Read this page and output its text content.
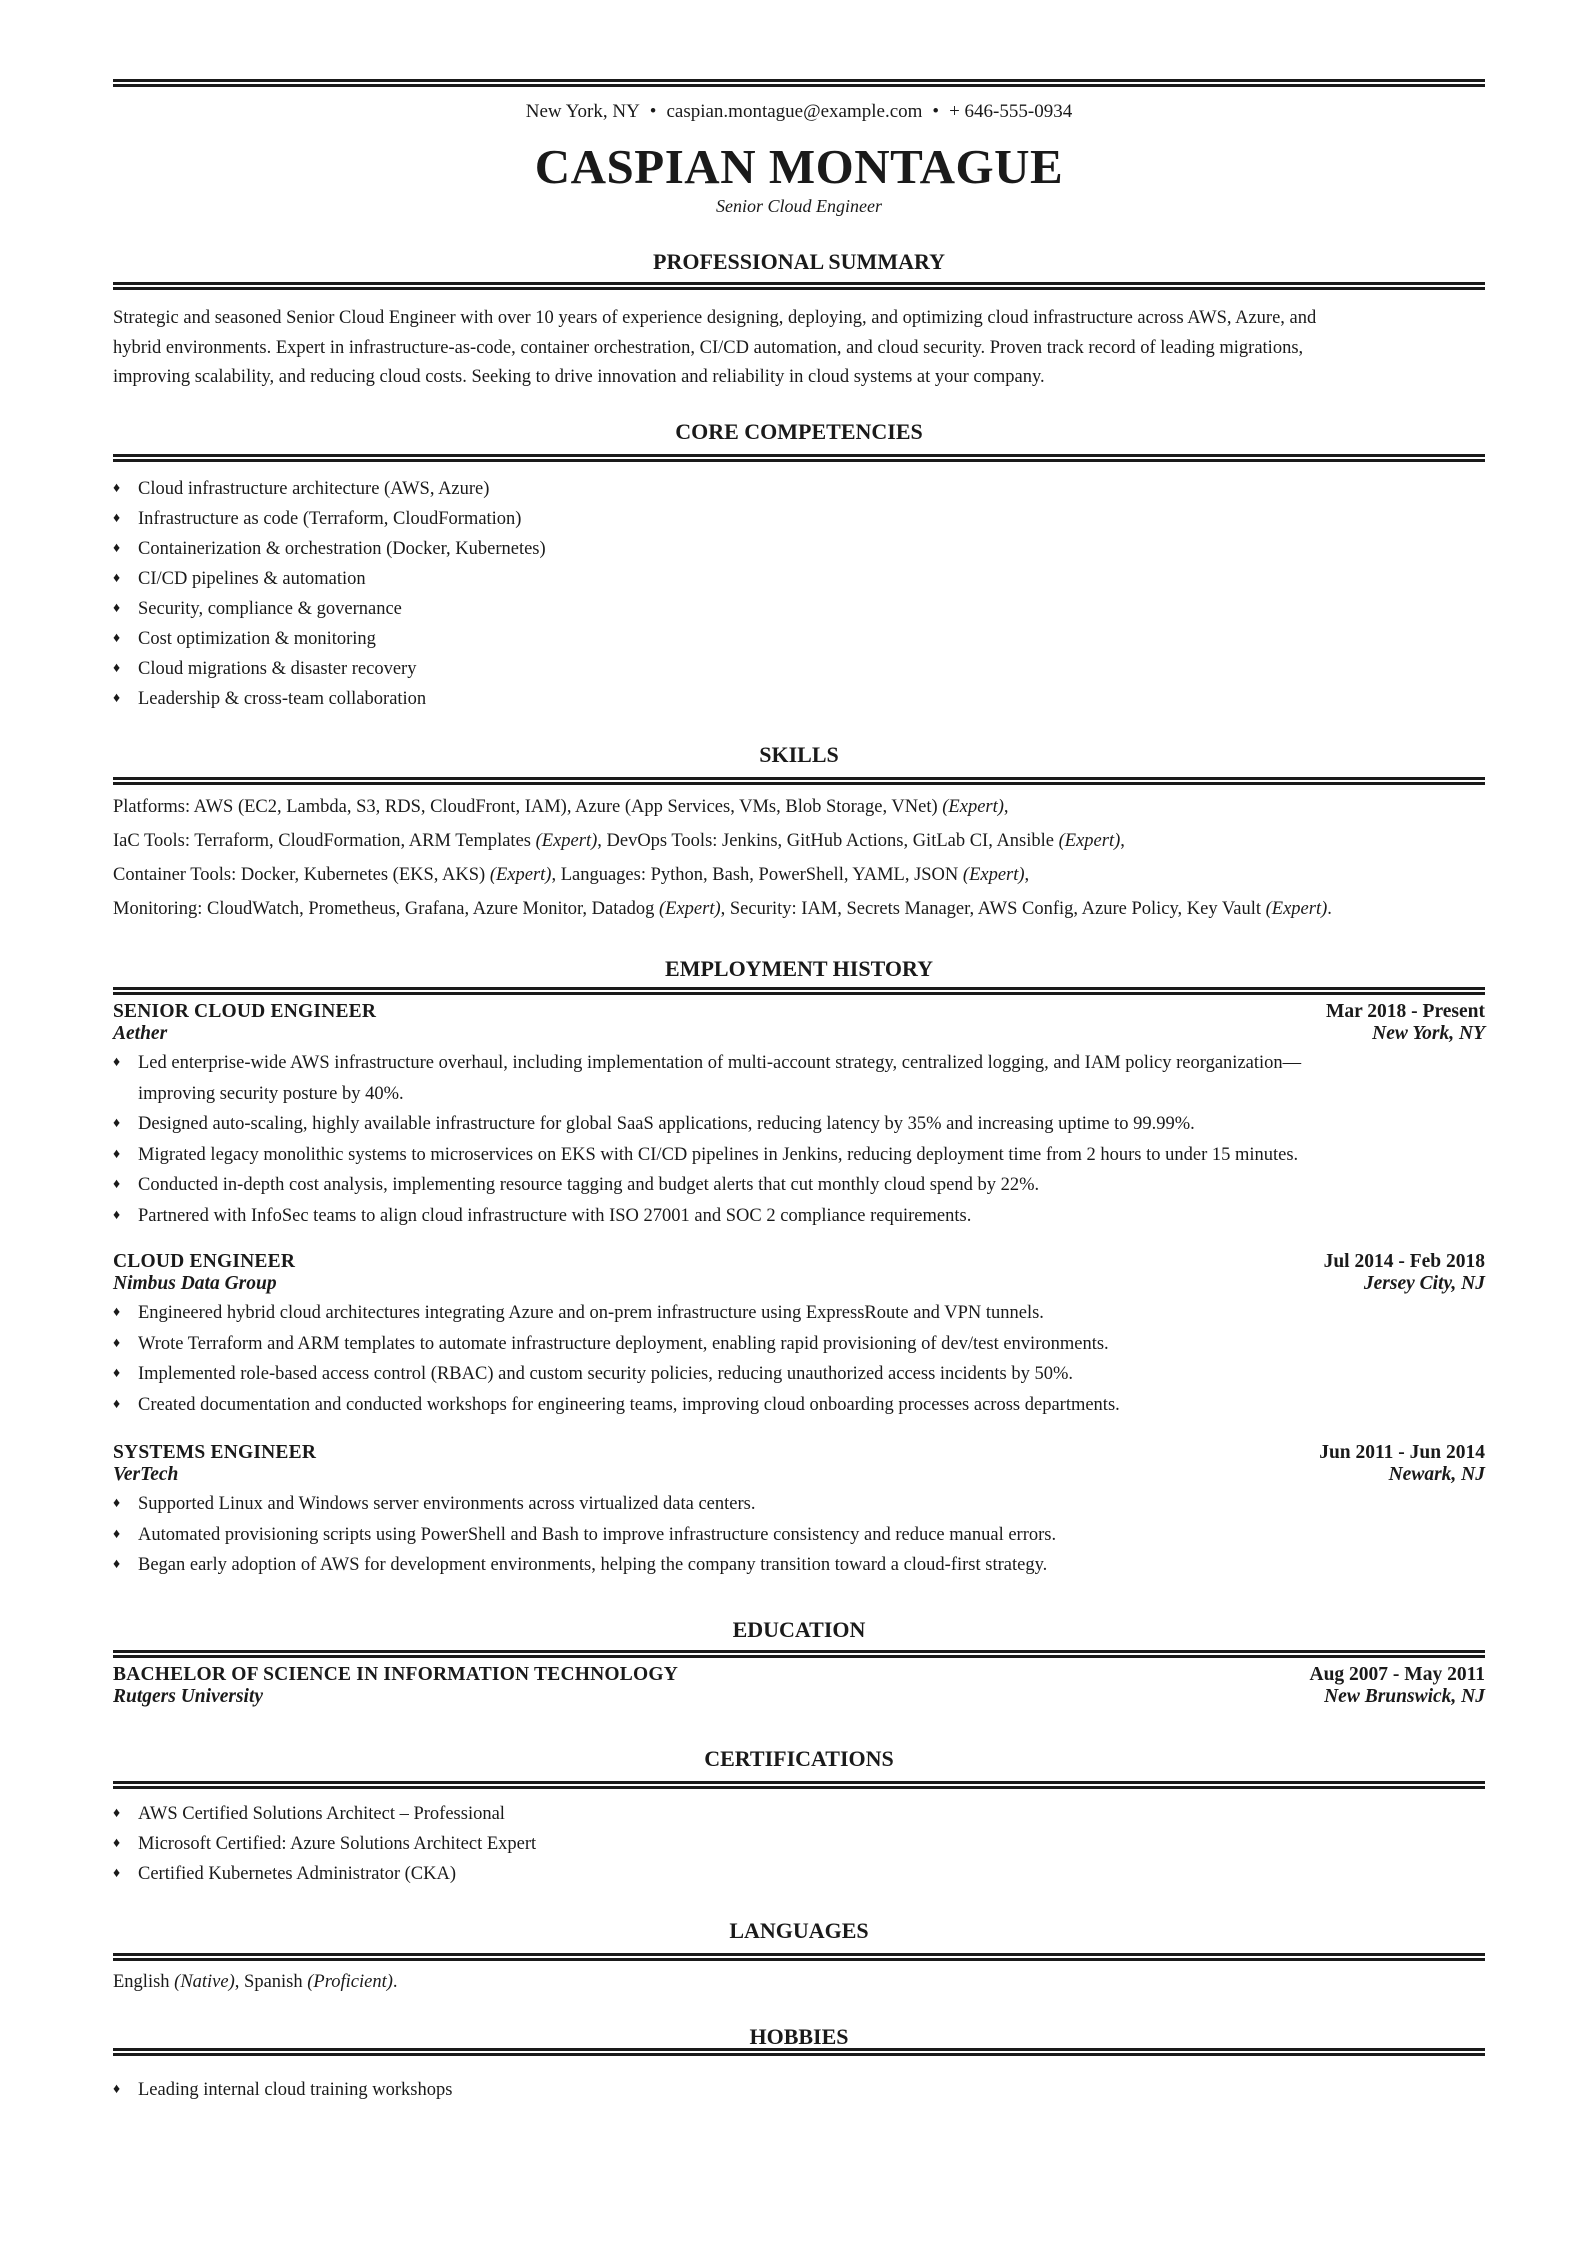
New York, NY • caspian.montague@example.com • + 646-555-0934
CASPIAN MONTAGUE
Senior Cloud Engineer
PROFESSIONAL SUMMARY
Strategic and seasoned Senior Cloud Engineer with over 10 years of experience designing, deploying, and optimizing cloud infrastructure across AWS, Azure, and
hybrid environments. Expert in infrastructure-as-code, container orchestration, CI/CD automation, and cloud security. Proven track record of leading migrations,
improving scalability, and reducing cloud costs. Seeking to drive innovation and reliability in cloud systems at your company.
CORE COMPETENCIES
♦ Cloud infrastructure architecture (AWS, Azure)
♦ Infrastructure as code (Terraform, CloudFormation)
♦ Containerization & orchestration (Docker, Kubernetes)
♦ CI/CD pipelines & automation
♦ Security, compliance & governance
♦ Cost optimization & monitoring
♦ Cloud migrations & disaster recovery
♦ Leadership & cross-team collaboration
SKILLS
Platforms: AWS (EC2, Lambda, S3, RDS, CloudFront, IAM), Azure (App Services, VMs, Blob Storage, VNet) (Expert),
IaC Tools: Terraform, CloudFormation, ARM Templates (Expert), DevOps Tools: Jenkins, GitHub Actions, GitLab CI, Ansible (Expert),
Container Tools: Docker, Kubernetes (EKS, AKS) (Expert), Languages: Python, Bash, PowerShell, YAML, JSON (Expert),
Monitoring: CloudWatch, Prometheus, Grafana, Azure Monitor, Datadog (Expert), Security: IAM, Secrets Manager, AWS Config, Azure Policy, Key Vault (Expert).
EMPLOYMENT HISTORY
SENIOR CLOUD ENGINEER	Mar 2018 - Present
Aether	New York, NY
♦ Led enterprise-wide AWS infrastructure overhaul, including implementation of multi-account strategy, centralized logging, and IAM policy reorganization—
improving security posture by 40%.
♦ Designed auto-scaling, highly available infrastructure for global SaaS applications, reducing latency by 35% and increasing uptime to 99.99%.
♦ Migrated legacy monolithic systems to microservices on EKS with CI/CD pipelines in Jenkins, reducing deployment time from 2 hours to under 15 minutes.
♦ Conducted in-depth cost analysis, implementing resource tagging and budget alerts that cut monthly cloud spend by 22%.
♦ Partnered with InfoSec teams to align cloud infrastructure with ISO 27001 and SOC 2 compliance requirements.
CLOUD ENGINEER	Jul 2014 - Feb 2018
Nimbus Data Group	Jersey City, NJ
♦ Engineered hybrid cloud architectures integrating Azure and on-prem infrastructure using ExpressRoute and VPN tunnels.
♦ Wrote Terraform and ARM templates to automate infrastructure deployment, enabling rapid provisioning of dev/test environments.
♦ Implemented role-based access control (RBAC) and custom security policies, reducing unauthorized access incidents by 50%.
♦ Created documentation and conducted workshops for engineering teams, improving cloud onboarding processes across departments.
SYSTEMS ENGINEER	Jun 2011 - Jun 2014
VerTech	Newark, NJ
♦ Supported Linux and Windows server environments across virtualized data centers.
♦ Automated provisioning scripts using PowerShell and Bash to improve infrastructure consistency and reduce manual errors.
♦ Began early adoption of AWS for development environments, helping the company transition toward a cloud-first strategy.
EDUCATION
BACHELOR OF SCIENCE IN INFORMATION TECHNOLOGY	Aug 2007 - May 2011
Rutgers University	New Brunswick, NJ
CERTIFICATIONS
♦ AWS Certified Solutions Architect – Professional
♦ Microsoft Certified: Azure Solutions Architect Expert
♦ Certified Kubernetes Administrator (CKA)
LANGUAGES
English (Native), Spanish (Proficient).
HOBBIES
♦ Leading internal cloud training workshops
